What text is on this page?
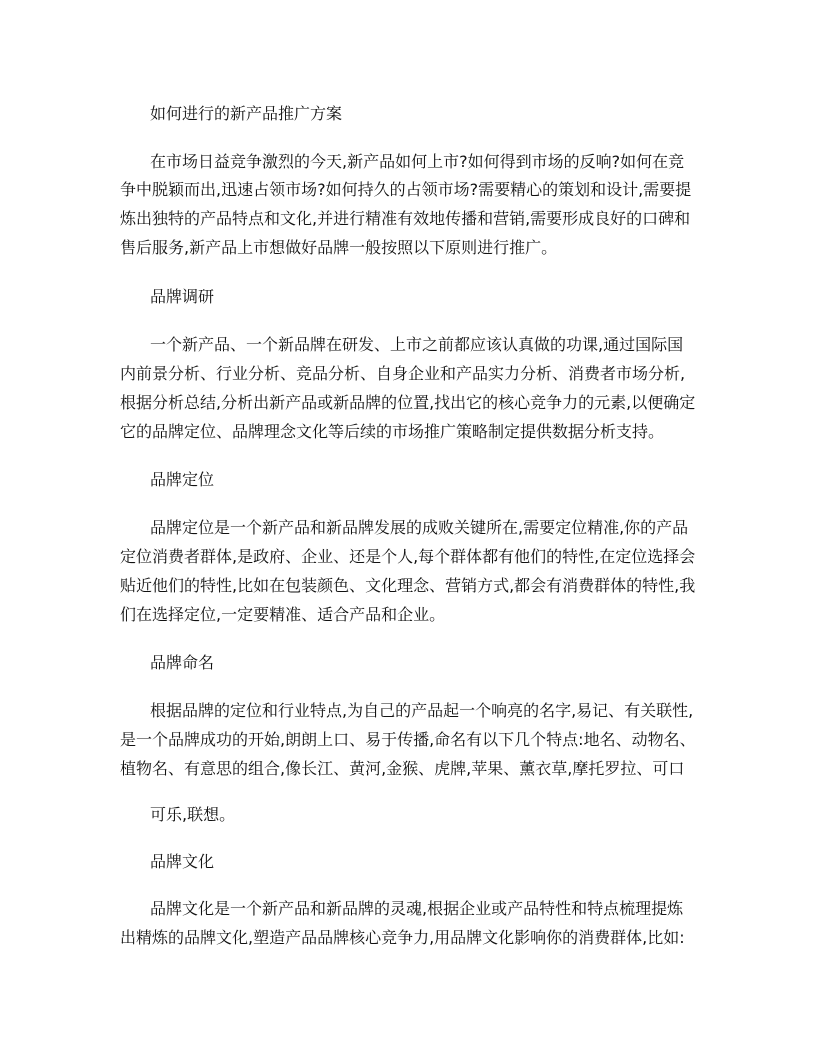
如何进行的新产品推广方案
在市场日益竞争激烈的今天,新产品如何上市?如何得到市场的反响?如何在竞
争中脱颖而出,迅速占领市场?如何持久的占领市场?需要精心的策划和设计,需要提
炼出独特的产品特点和文化,并进行精准有效地传播和营销,需要形成良好的口碑和
售后服务,新产品上市想做好品牌一般按照以下原则进行推广。
品牌调研
一个新产品、一个新品牌在研发、上市之前都应该认真做的功课,通过国际国
内前景分析、行业分析、竞品分析、自身企业和产品实力分析、消费者市场分析,
根据分析总结,分析出新产品或新品牌的位置,找出它的核心竞争力的元素,以便确定
它的品牌定位、品牌理念文化等后续的市场推广策略制定提供数据分析支持。
品牌定位
品牌定位是一个新产品和新品牌发展的成败关键所在,需要定位精准,你的产品
定位消费者群体,是政府、企业、还是个人,每个群体都有他们的特性,在定位选择会
贴近他们的特性,比如在包装颜色、文化理念、营销方式,都会有消费群体的特性,我
们在选择定位,一定要精准、适合产品和企业。
品牌命名
根据品牌的定位和行业特点,为自己的产品起一个响亮的名字,易记、有关联性,
是一个品牌成功的开始,朗朗上口、易于传播,命名有以下几个特点:地名、动物名、
植物名、有意思的组合,像长江、黄河,金猴、虎牌,苹果、薰衣草,摩托罗拉、可口
可乐,联想。
品牌文化
品牌文化是一个新产品和新品牌的灵魂,根据企业或产品特性和特点梳理提炼
出精炼的品牌文化,塑造产品品牌核心竞争力,用品牌文化影响你的消费群体,比如:
